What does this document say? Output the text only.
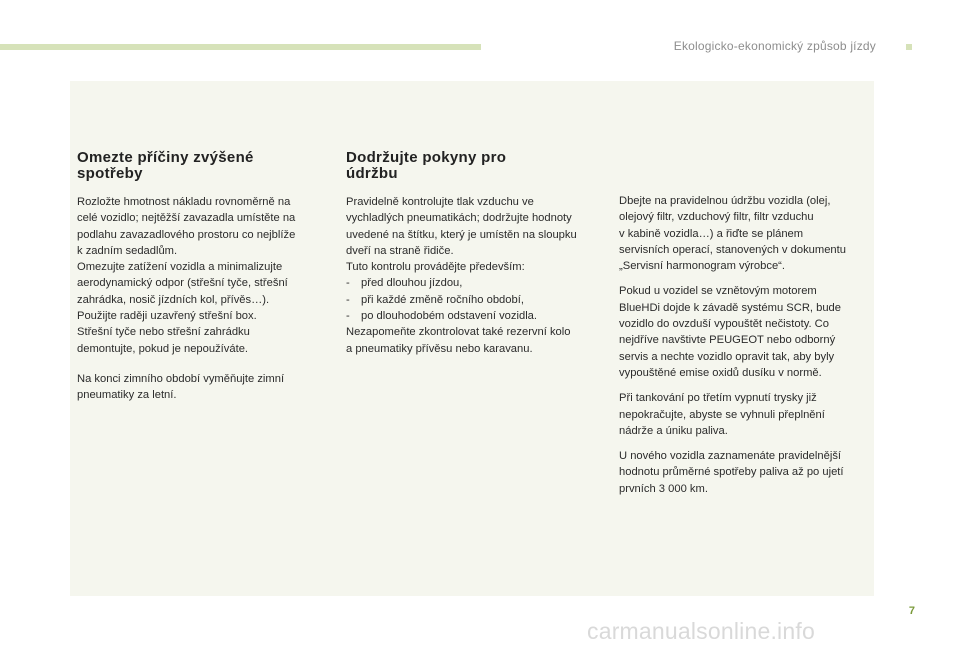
Ekologicko-ekonomický způsob jízdy
Omezte příčiny zvýšené
spotřeby

Rozložte hmotnost nákladu rovnoměrně na
celé vozidlo; nejtěžší zavazadla umístěte na
podlahu zavazadlového prostoru co nejblíže
k zadním sedadlům.
Omezujte zatížení vozidla a minimalizujte
aerodynamický odpor (střešní tyče, střešní
zahrádka, nosič jízdních kol, přívěs…).
Použijte raději uzavřený střešní box.
Střešní tyče nebo střešní zahrádku
demontujte, pokud je nepoužíváte.

Na konci zimního období vyměňujte zimní
pneumatiky za letní.

Dodržujte pokyny pro
údržbu

Pravidelně kontrolujte tlak vzduchu ve
vychladlých pneumatikách; dodržujte hodnoty
uvedené na štítku, který je umístěn na sloupku
dveří na straně řidiče.
Tuto kontrolu provádějte především:

- před dlouhou jízdou,
- při každé změně ročního období,
- po dlouhodobém odstavení vozidla.

Nezapomeňte zkontrolovat také rezervní kolo
a pneumatiky přívěsu nebo karavanu.

Dbejte na pravidelnou údržbu vozidla (olej,
olejový filtr, vzduchový filtr, filtr vzduchu
v kabině vozidla…) a řiďte se plánem
servisních operací, stanovených v dokumentu
„Servisní harmonogram výrobce“.

Pokud u vozidel se vznětovým motorem
BlueHDi dojde k závadě systému SCR, bude
vozidlo do ovzduší vypouštět nečistoty. Co
nejdříve navštivte PEUGEOT nebo odborný
servis a nechte vozidlo opravit tak, aby byly
vypouštěné emise oxidů dusíku v normě.

Při tankování po třetím vypnutí trysky již
nepokračujte, abyste se vyhnuli přeplnění
nádrže a úniku paliva.

U nového vozidla zaznamenáte pravidelnější
hodnotu průměrné spotřeby paliva až po ujetí
prvních 3 000 km.

7
carmanualsonline.info
